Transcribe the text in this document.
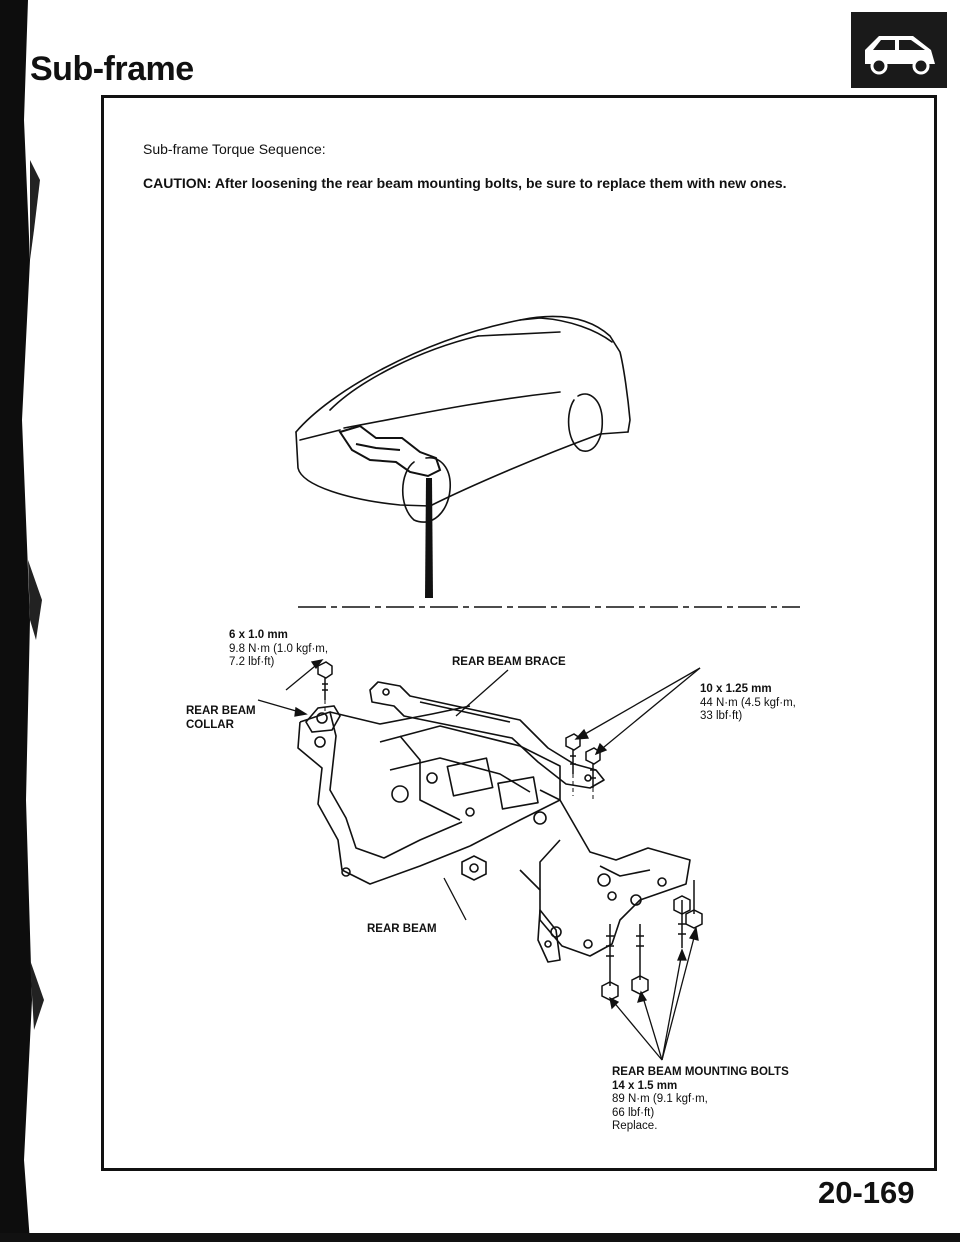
Sub-frame
Sub-frame Torque Sequence:
CAUTION: After loosening the rear beam mounting bolts, be sure to replace them with new ones.
6 x 1.0 mm
9.8 N·m (1.0 kgf·m,
7.2 lbf·ft)	REAR BEAM BRACE
10 x 1.25 mm
44 N·m (4.5 kgf·m,
33 lbf·ft)
REAR BEAM
COLLAR
REAR BEAM
REAR BEAM MOUNTING BOLTS
14 x 1.5 mm
89 N·m (9.1 kgf·m,
66 lbf·ft)
Replace.
20-169
